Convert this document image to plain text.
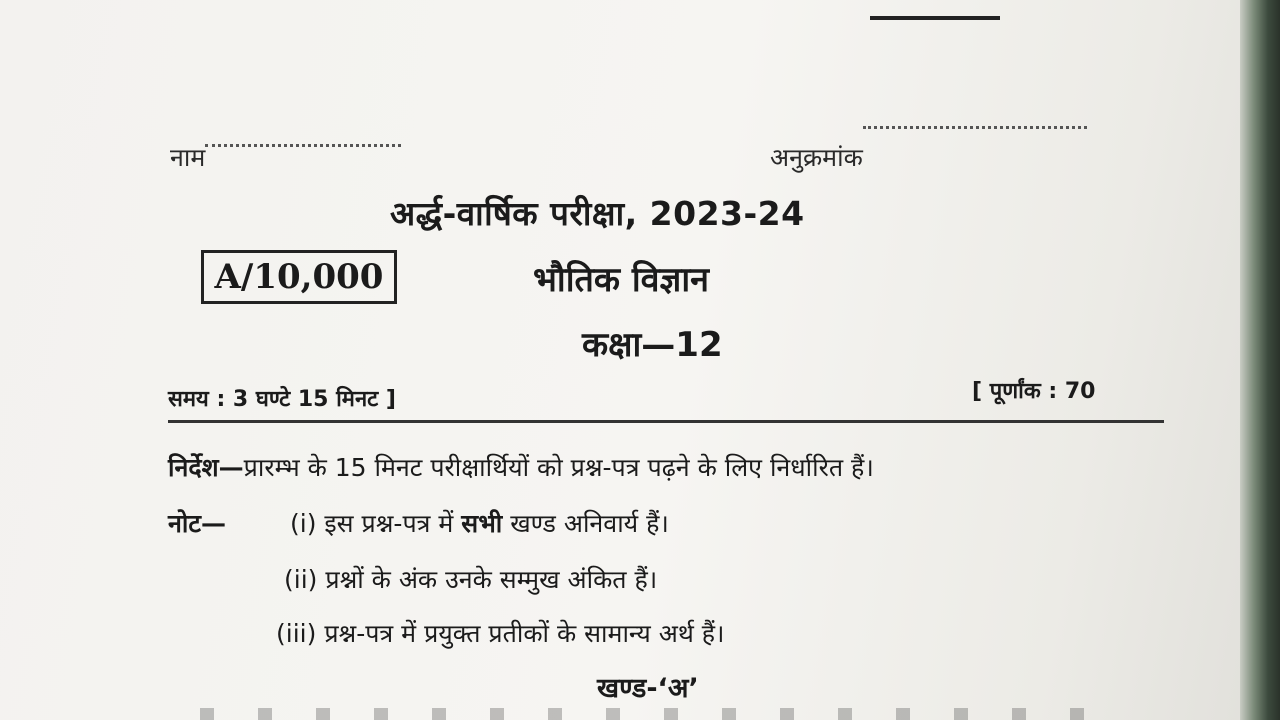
नाम	अनुक्रमांक
अर्द्ध-वार्षिक परीक्षा, 2023-24
A/10,000	भौतिक विज्ञान
कक्षा—12
समय : 3 घण्टे 15 मिनट ]	[ पूर्णांक : 70
निर्देश—प्रारम्भ के 15 मिनट परीक्षार्थियों को प्रश्न-पत्र पढ़ने के लिए निर्धारित हैं।
नोट—	(i) इस प्रश्न-पत्र में सभी खण्ड अनिवार्य हैं।
(ii) प्रश्नों के अंक उनके सम्मुख अंकित हैं।
(iii) प्रश्न-पत्र में प्रयुक्त प्रतीकों के सामान्य अर्थ हैं।
खण्ड-‘अ’
